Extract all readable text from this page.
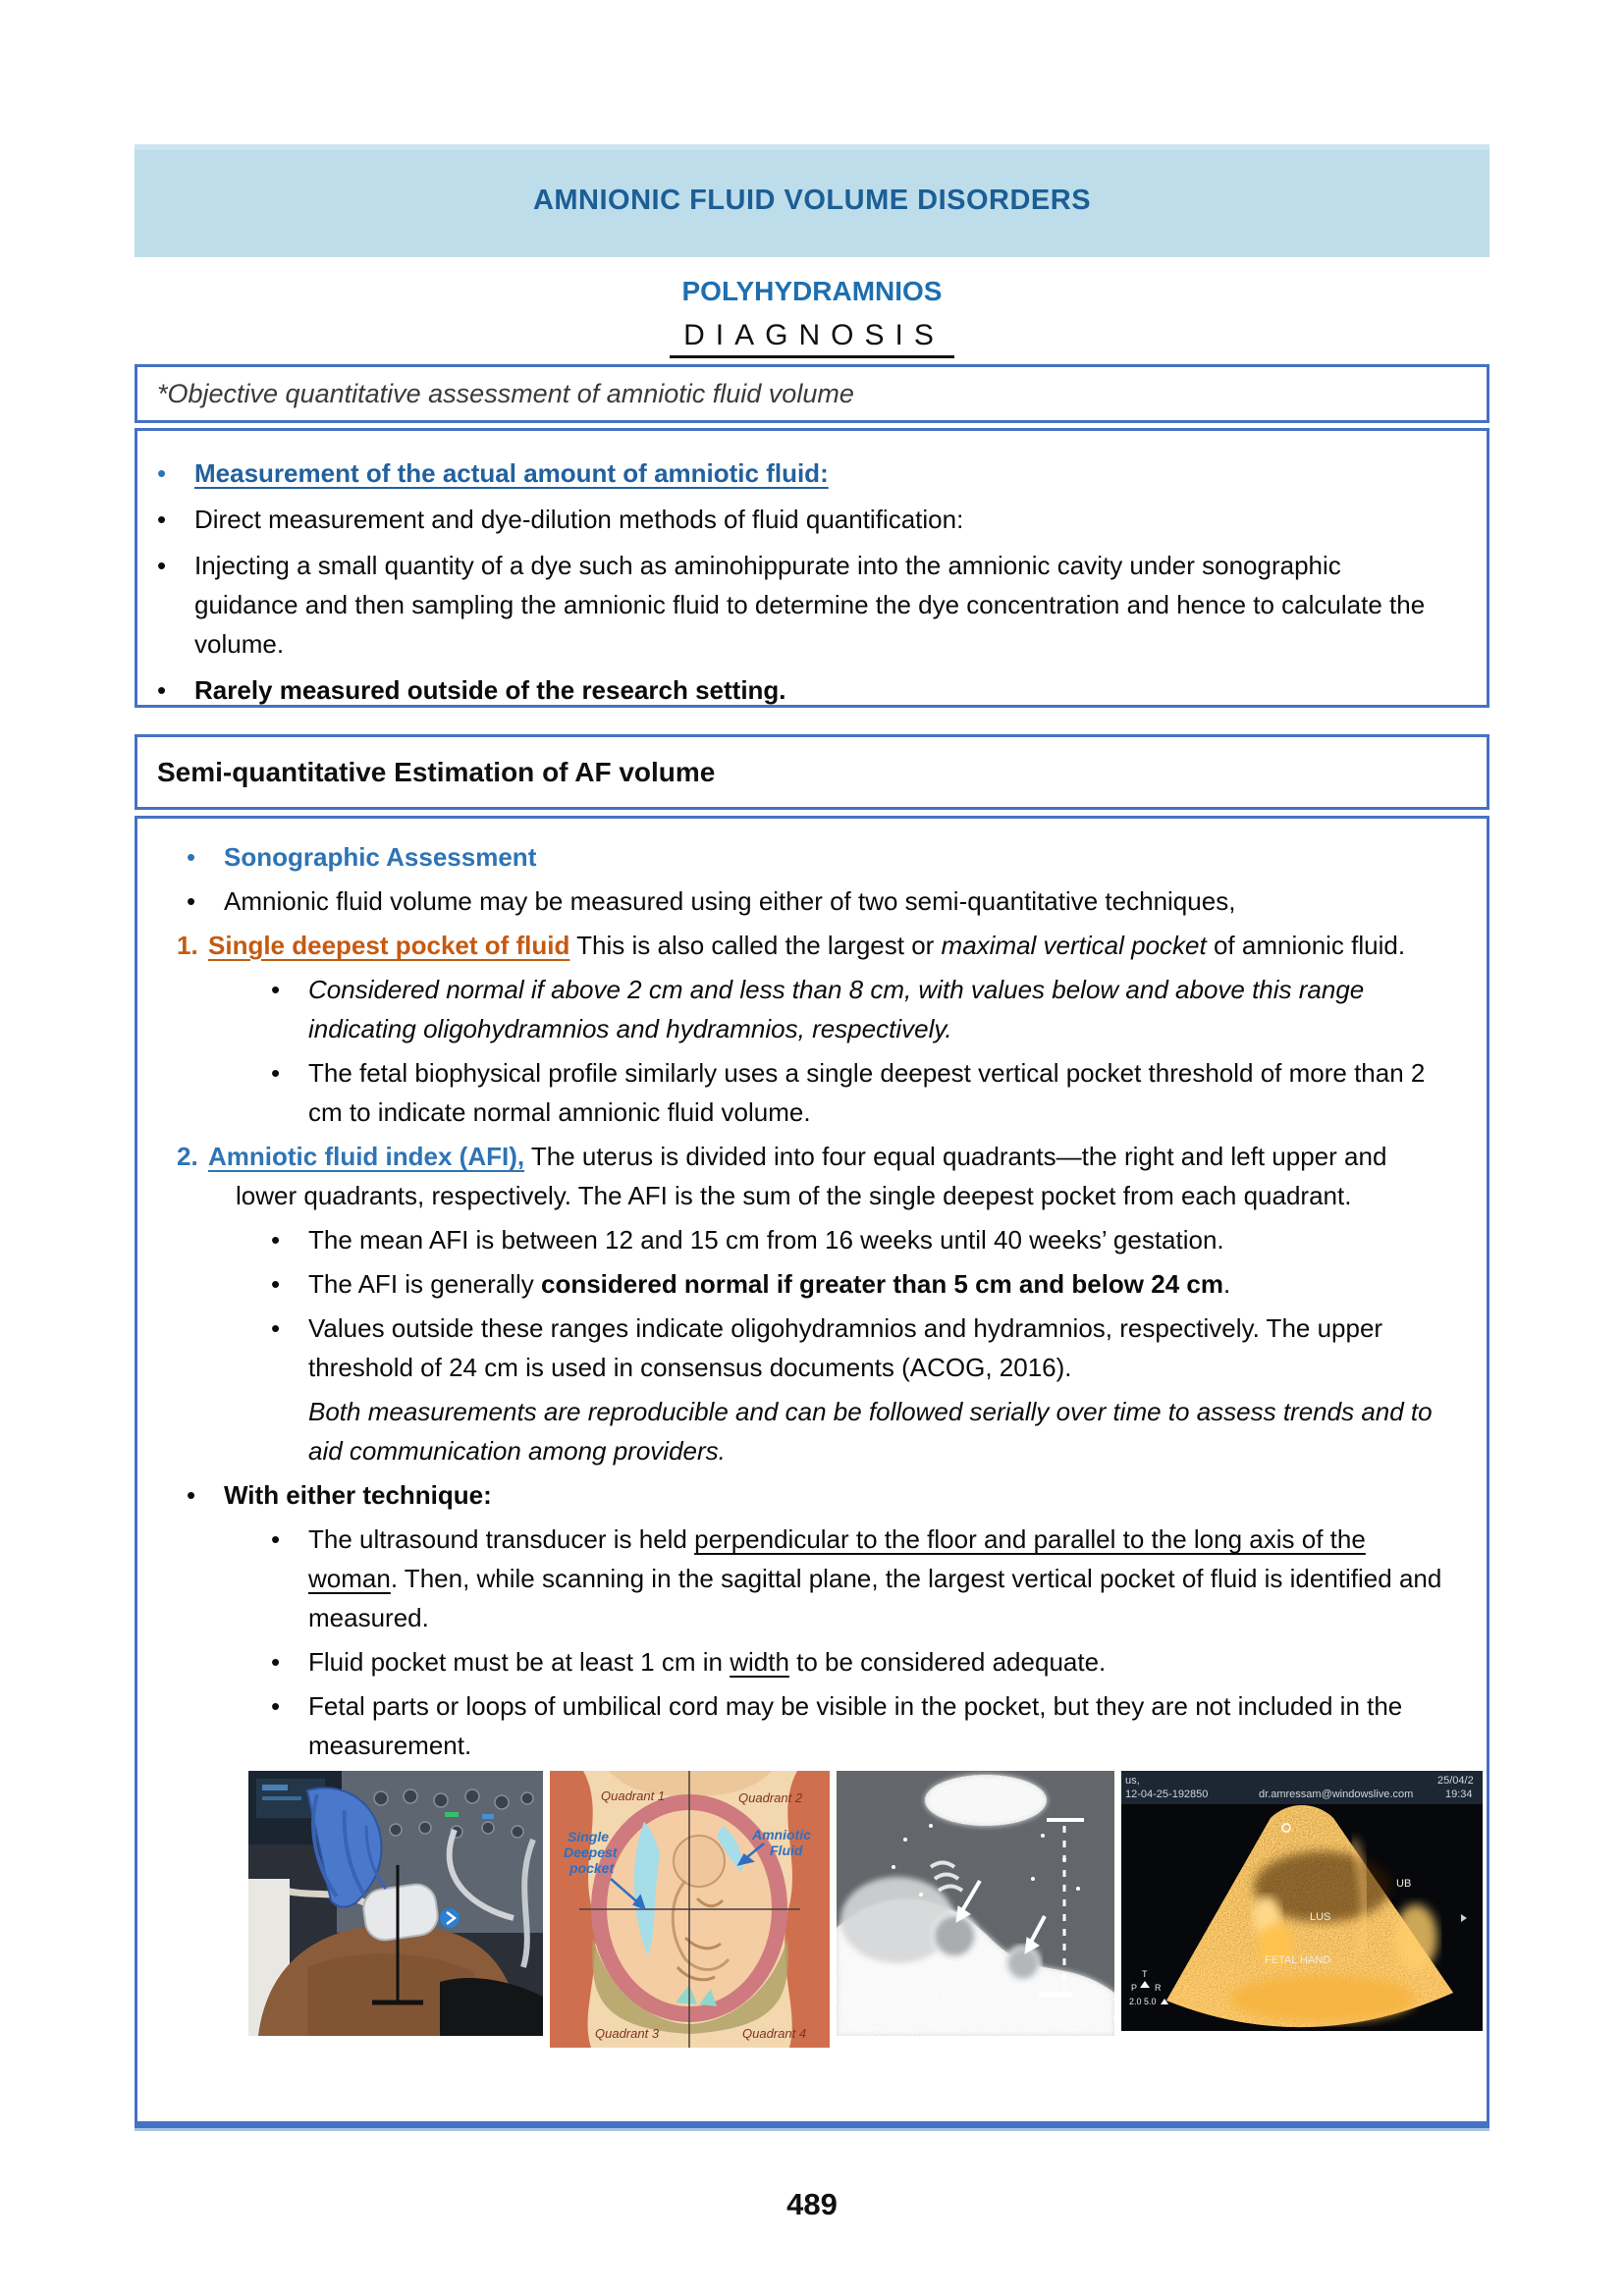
AMNIONIC FLUID VOLUME DISORDERS
POLYHYDRAMNIOS
DIAGNOSIS
*Objective quantitative assessment of amniotic fluid volume
•
Measurement of the actual amount of amniotic fluid:
•
Direct measurement and dye-dilution methods of fluid quantification:
•
Injecting a small quantity of a dye such as aminohippurate into the amnionic cavity under sonographic guidance and then sampling the amnionic fluid to determine the dye concentration and hence to calculate the volume.
•
Rarely measured outside of the research setting.
Semi-quantitative Estimation of AF volume
•
Sonographic Assessment
•
Amnionic fluid volume may be measured using either of two semi-quantitative techniques,
1. Single deepest pocket of fluid This is also called the largest or maximal vertical pocket of amnionic fluid.
•
Considered normal if above 2 cm and less than 8 cm, with values below and above this range indicating oligohydramnios and hydramnios, respectively.
•
The fetal biophysical profile similarly uses a single deepest vertical pocket threshold of more than 2 cm to indicate normal amnionic fluid volume.
2. Amniotic fluid index (AFI), The uterus is divided into four equal quadrants—the right and left upper and lower quadrants, respectively. The AFI is the sum of the single deepest pocket from each quadrant.
•
The mean AFI is between 12 and 15 cm from 16 weeks until 40 weeks’ gestation.
•
The AFI is generally considered normal if greater than 5 cm and below 24 cm.
•
Values outside these ranges indicate oligohydramnios and hydramnios, respectively. The upper threshold of 24 cm is used in consensus documents (ACOG, 2016).
Both measurements are reproducible and can be followed serially over time to assess trends and to aid communication among providers.
•
With either technique:
•
The ultrasound transducer is held perpendicular to the floor and parallel to the long axis of the woman. Then, while scanning in the sagittal plane, the largest vertical pocket of fluid is identified and measured.
•
Fluid pocket must be at least 1 cm in width to be considered adequate.
•
Fetal parts or loops of umbilical cord may be visible in the pocket, but they are not included in the measurement.
Quadrant 1	Quadrant 2
Quadrant 3	Quadrant 4
Single
Deepest
pocket
Amniotic
Fluid
us,
12-04-25-192850	dr.amressam@windowslive.com
25/04/2
19:34
UB
LUS
FETAL HAND
T
P R
2.0 5.0
489
